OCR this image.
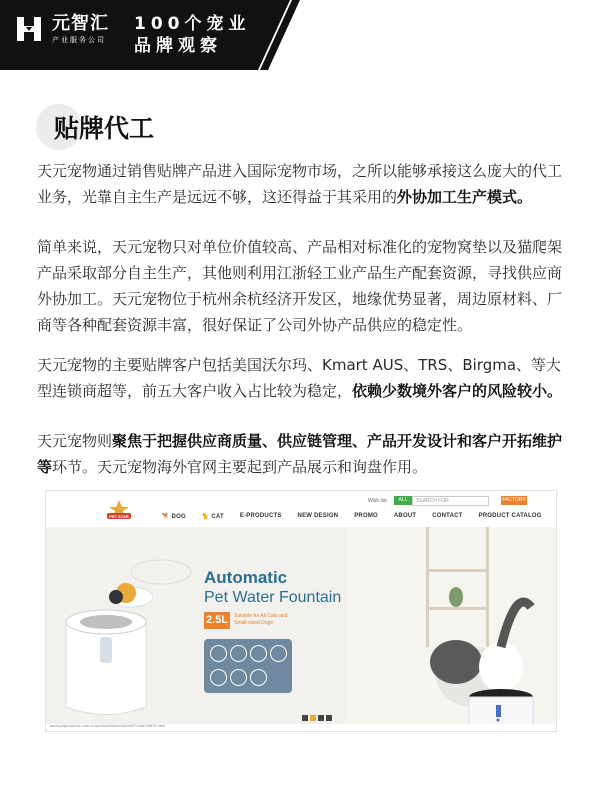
元智汇
产业服务公司
100个宠业
品牌观察
贴牌代工
天元宠物通过销售贴牌产品进入国际宠物市场，之所以能够承接这么庞大的代工业务，光靠自主生产是远远不够，这还得益于其采用的外协加工生产模式。
简单来说，天元宠物只对单位价值较高、产品相对标准化的宠物窝垫以及猫爬架产品采取部分自主生产，其他则利用江浙轻工业产品生产配套资源，寻找供应商外协加工。天元宠物位于杭州余杭经济开发区，地缘优势显著，周边原材料、厂商等各种配套资源丰富，很好保证了公司外协产品供应的稳定性。
天元宠物的主要贴牌客户包括美国沃尔玛、Kmart AUS、TRS、Birgma、等大型连锁商超等，前五大客户收入占比较为稳定，依赖少数境外客户的风险较小。
天元宠物则聚焦于把握供应商质量、供应链管理、产品开发设计和客户开拓维护等环节。天元宠物海外官网主要起到产品展示和询盘作用。
PET STAR
Wish list	ALL	SEARCH FOR	FACTORY
🐕 DOG	🐈 CAT	E-PRODUCTS	NEW DESIGN	PROMO	ABOUT	CONTACT	PRODUCT CATALOG
Automatic
Pet Water Fountain
2.5L	Suitable for All Cats and Small-sized Dogs
www.petproducts.com.cn/product/index/cid/16871/sid/16876.html
